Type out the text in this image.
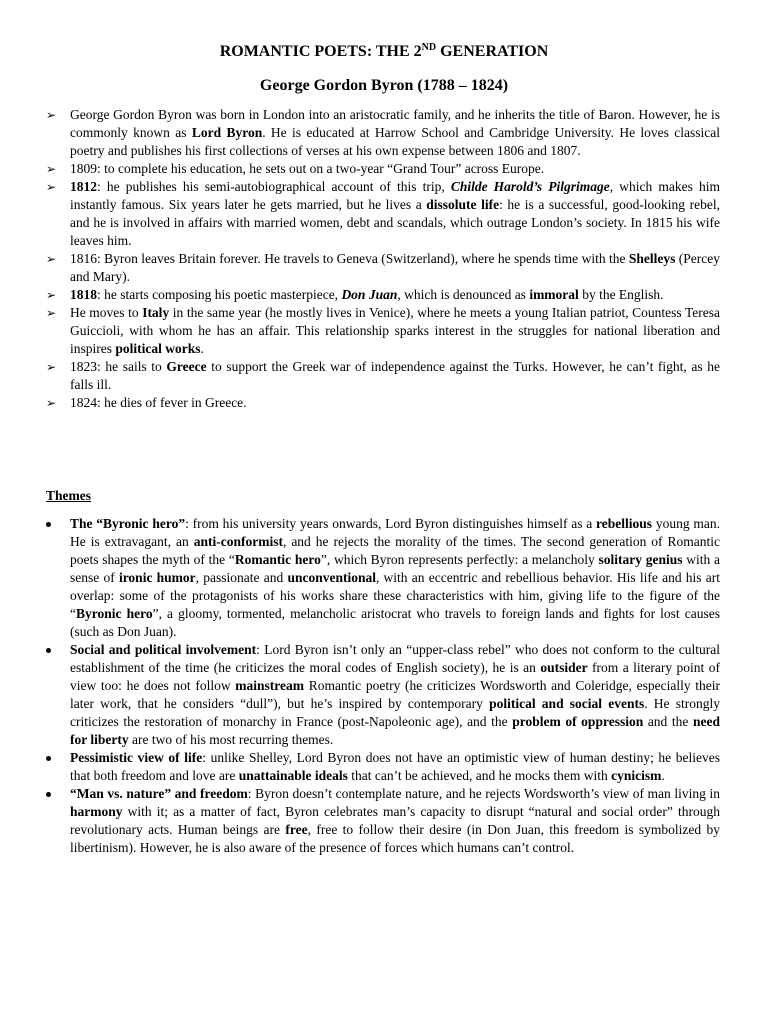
ROMANTIC POETS: THE 2ND GENERATION
George Gordon Byron (1788 – 1824)
➢ George Gordon Byron was born in London into an aristocratic family, and he inherits the title of Baron. However, he is commonly known as Lord Byron. He is educated at Harrow School and Cambridge University. He loves classical poetry and publishes his first collections of verses at his own expense between 1806 and 1807.
➢ 1809: to complete his education, he sets out on a two-year “Grand Tour” across Europe.
➢ 1812: he publishes his semi-autobiographical account of this trip, Childe Harold’s Pilgrimage, which makes him instantly famous. Six years later he gets married, but he lives a dissolute life: he is a successful, good-looking rebel, and he is involved in affairs with married women, debt and scandals, which outrage London’s society. In 1815 his wife leaves him.
➢ 1816: Byron leaves Britain forever. He travels to Geneva (Switzerland), where he spends time with the Shelleys (Percey and Mary).
➢ 1818: he starts composing his poetic masterpiece, Don Juan, which is denounced as immoral by the English.
➢ He moves to Italy in the same year (he mostly lives in Venice), where he meets a young Italian patriot, Countess Teresa Guiccioli, with whom he has an affair. This relationship sparks interest in the struggles for national liberation and inspires political works.
➢ 1823: he sails to Greece to support the Greek war of independence against the Turks. However, he can’t fight, as he falls ill.
➢ 1824: he dies of fever in Greece.
Themes
The “Byronic hero”: from his university years onwards, Lord Byron distinguishes himself as a rebellious young man. He is extravagant, an anti-conformist, and he rejects the morality of the times. The second generation of Romantic poets shapes the myth of the “Romantic hero”, which Byron represents perfectly: a melancholy solitary genius with a sense of ironic humor, passionate and unconventional, with an eccentric and rebellious behavior. His life and his art overlap: some of the protagonists of his works share these characteristics with him, giving life to the figure of the “Byronic hero”, a gloomy, tormented, melancholic aristocrat who travels to foreign lands and fights for lost causes (such as Don Juan).
Social and political involvement: Lord Byron isn’t only an “upper-class rebel” who does not conform to the cultural establishment of the time (he criticizes the moral codes of English society), he is an outsider from a literary point of view too: he does not follow mainstream Romantic poetry (he criticizes Wordsworth and Coleridge, especially their later work, that he considers “dull”), but he’s inspired by contemporary political and social events. He strongly criticizes the restoration of monarchy in France (post-Napoleonic age), and the problem of oppression and the need for liberty are two of his most recurring themes.
Pessimistic view of life: unlike Shelley, Lord Byron does not have an optimistic view of human destiny; he believes that both freedom and love are unattainable ideals that can’t be achieved, and he mocks them with cynicism.
“Man vs. nature” and freedom: Byron doesn’t contemplate nature, and he rejects Wordsworth’s view of man living in harmony with it; as a matter of fact, Byron celebrates man’s capacity to disrupt “natural and social order” through revolutionary acts. Human beings are free, free to follow their desire (in Don Juan, this freedom is symbolized by libertinism). However, he is also aware of the presence of forces which humans can’t control.
